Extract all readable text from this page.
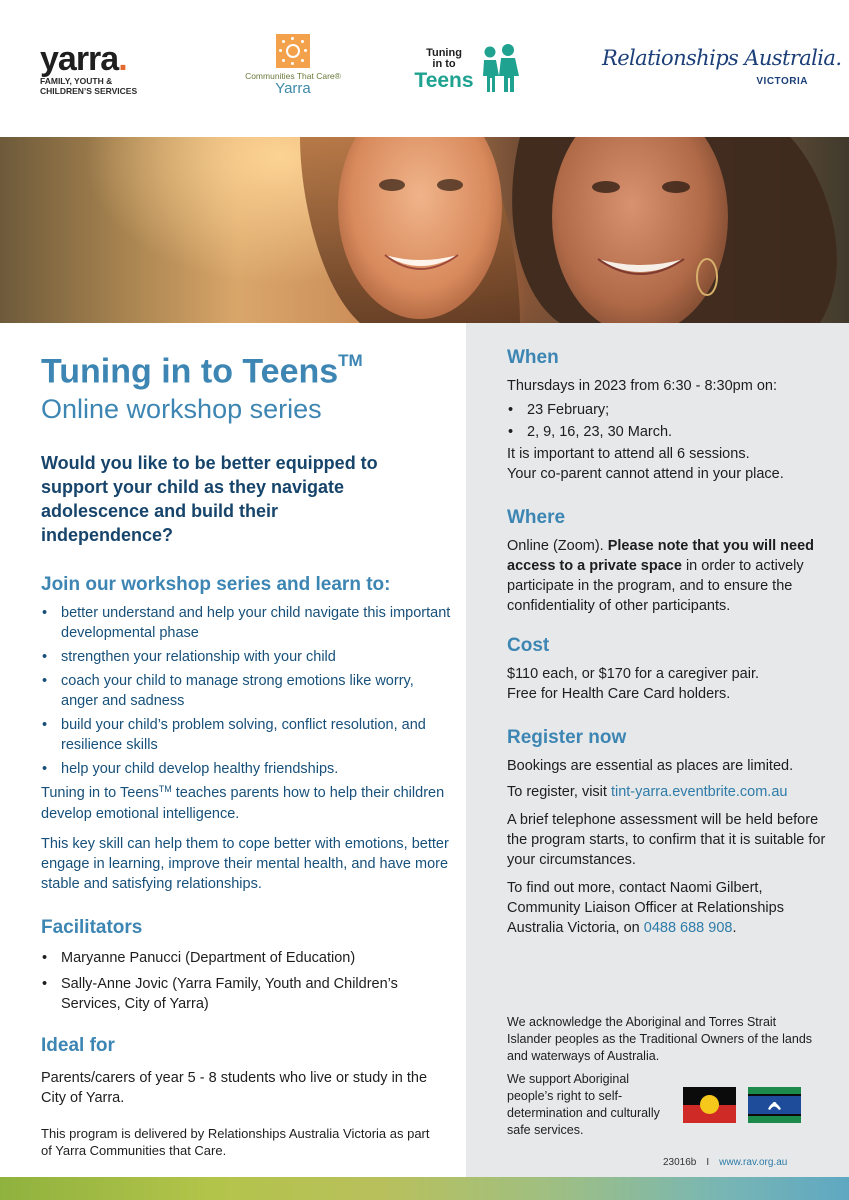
yarra.
FAMILY, YOUTH &
CHILDREN’S SERVICES
Communities That Care®
Yarra
Tuning
in to
Teens
Relationships Australia.
VICTORIA
Tuning in to Teens™
Online workshop series
Would you like to be better equipped to support your child as they navigate adolescence and build their independence?
Join our workshop series and learn to:
• better understand and help your child navigate this important developmental phase
• strengthen your relationship with your child
• coach your child to manage strong emotions like worry, anger and sadness
• build your child’s problem solving, conflict resolution, and resilience skills
• help your child develop healthy friendships.
Tuning in to Teens™ teaches parents how to help their children develop emotional intelligence.
This key skill can help them to cope better with emotions, better engage in learning, improve their mental health, and have more stable and satisfying relationships.
Facilitators
• Maryanne Panucci (Department of Education)
• Sally-Anne Jovic (Yarra Family, Youth and Children’s Services, City of Yarra)
Ideal for
Parents/carers of year 5 - 8 students who live or study in the City of Yarra.
This program is delivered by Relationships Australia Victoria as part of Yarra Communities that Care.
When
Thursdays in 2023 from 6:30 - 8:30pm on:
• 23 February;
• 2, 9, 16, 23, 30 March.
It is important to attend all 6 sessions.
Your co-parent cannot attend in your place.
Where
Online (Zoom). Please note that you will need access to a private space in order to actively participate in the program, and to ensure the confidentiality of other participants.
Cost
$110 each, or $170 for a caregiver pair.
Free for Health Care Card holders.
Register now
Bookings are essential as places are limited.
To register, visit tint-yarra.eventbrite.com.au
A brief telephone assessment will be held before the program starts, to confirm that it is suitable for your circumstances.
To find out more, contact Naomi Gilbert, Community Liaison Officer at Relationships Australia Victoria, on 0488 688 908.
We acknowledge the Aboriginal and Torres Strait Islander peoples as the Traditional Owners of the lands and waterways of Australia.
We support Aboriginal people’s right to self-determination and culturally safe services.
23016b I www.rav.org.au
